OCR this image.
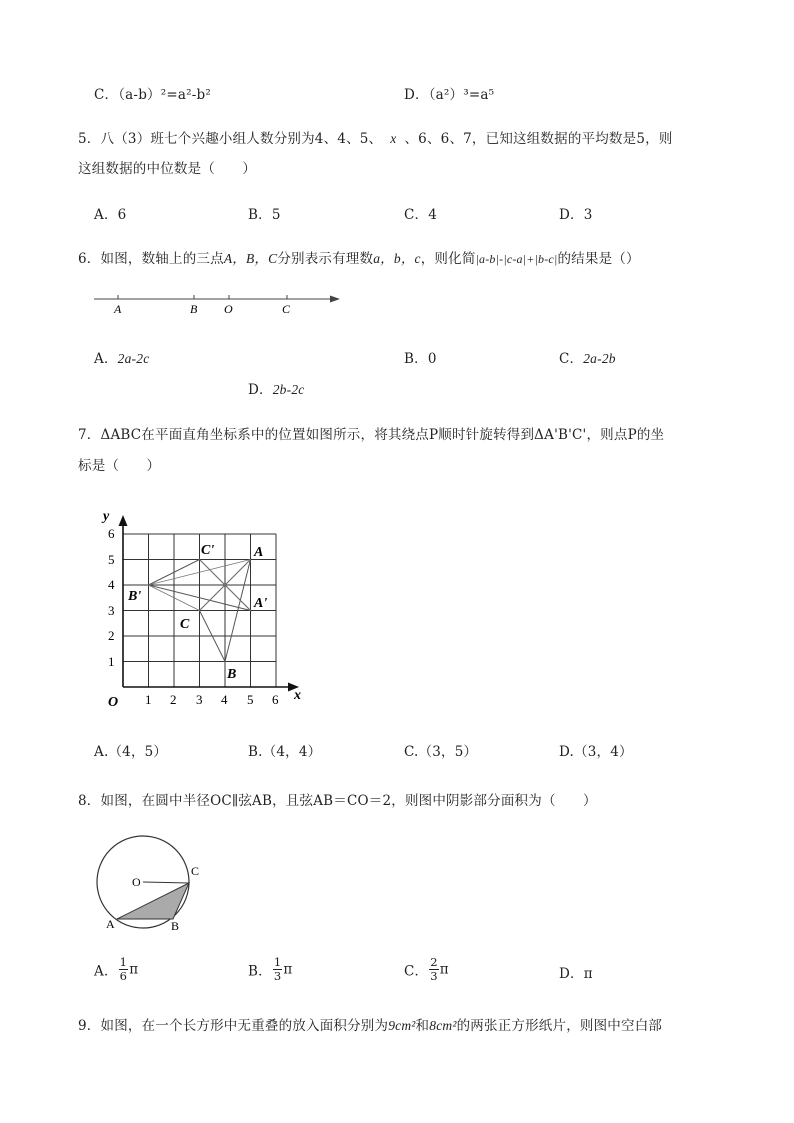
C．（a-b）²=a²-b²	D．（a²）³=a⁵
5．八（3）班七个兴趣小组人数分别为4、4、5、 x 、6、6、7，已知这组数据的平均数是5，则
这组数据的中位数是（　　）
A．6	B．5	C．4	D．3
6．如图，数轴上的三点A，B，C分别表示有理数a，b，c，则化简|a-b|-|c-a|+|b-c|的结果是（）
A	B O	C
A．2a-2c	B．0	C．2a-2b
D．2b-2c
7．ΔABC在平面直角坐标系中的位置如图所示，将其绕点P顺时针旋转得到ΔA'B'C'，则点P的坐
标是（　　）
1 2 3 4 5 6
1
2
3
4
5
6
O	x
y
C'	A
B'	A'
C
B
A.（4，5）	B.（4，4）	C.（3，5）	D.（3，4）
8．如图，在圆中半径OC∥弦AB，且弦AB＝CO＝2，则图中阴影部分面积为（　　）
O
C
A	B
A． $\frac{1}{6}$ π	B． $\frac{1}{3}$ π	C． $\frac{2}{3}$ π	D．π
9．如图，在一个长方形中无重叠的放入面积分别为9cm²和8cm²的两张正方形纸片，则图中空白部
